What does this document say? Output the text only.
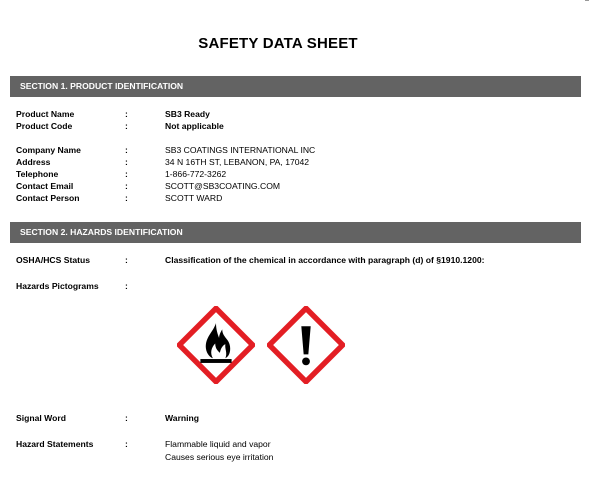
SAFETY DATA SHEET
SECTION 1. PRODUCT IDENTIFICATION
Product Name	:	SB3 Ready
Product Code	:	Not applicable
Company Name	:	SB3 COATINGS INTERNATIONAL INC
Address	:	34 N 16TH ST, LEBANON, PA, 17042
Telephone	:	1-866-772-3262
Contact Email	:	SCOTT@SB3COATING.COM
Contact Person	:	SCOTT WARD
SECTION 2. HAZARDS IDENTIFICATION
OSHA/HCS Status	:	Classification of the chemical in accordance with paragraph (d) of §1910.1200:
Hazards Pictograms	:
Signal Word	:	Warning
Hazard Statements	:	Flammable liquid and vapor
Causes serious eye irritation
